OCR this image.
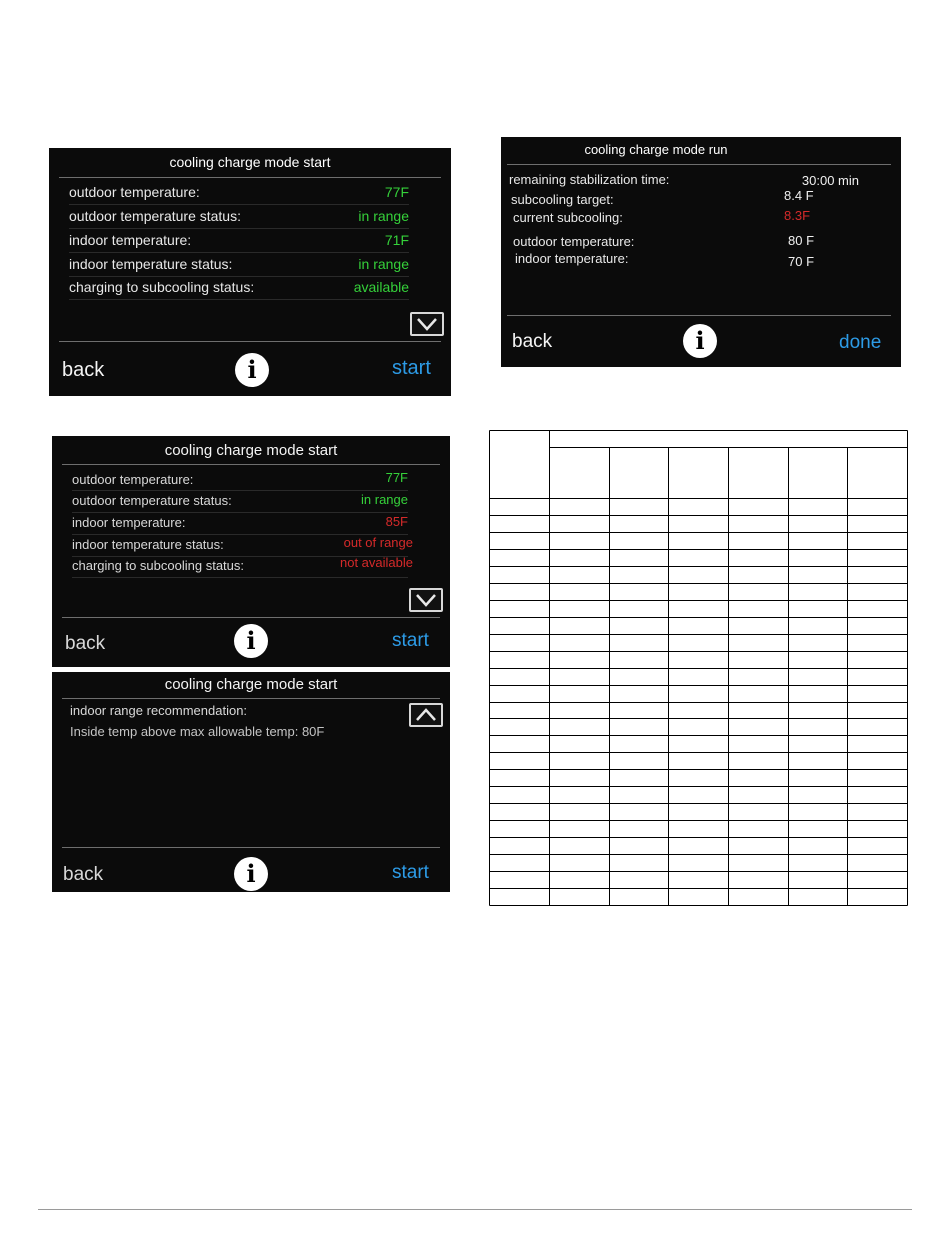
cooling charge mode start
outdoor temperature:	77F
outdoor temperature status:	in range
indoor temperature:	71F
indoor temperature status:	in range
charging to subcooling status:	available
back	i	start
cooling charge mode run
remaining stabilization time:	30:00 min
subcooling target:	8.4 F
current subcooling:	8.3F
outdoor temperature:	80 F
indoor temperature:	70 F
back	i	done
cooling charge mode start
outdoor temperature:	77F
outdoor temperature status:	in range
indoor temperature:	85F
indoor temperature status:	out of range
charging to subcooling status:	not available
back	i	start
cooling charge mode start
indoor range recommendation:
Inside temp above max allowable temp: 80F
back	i	start
